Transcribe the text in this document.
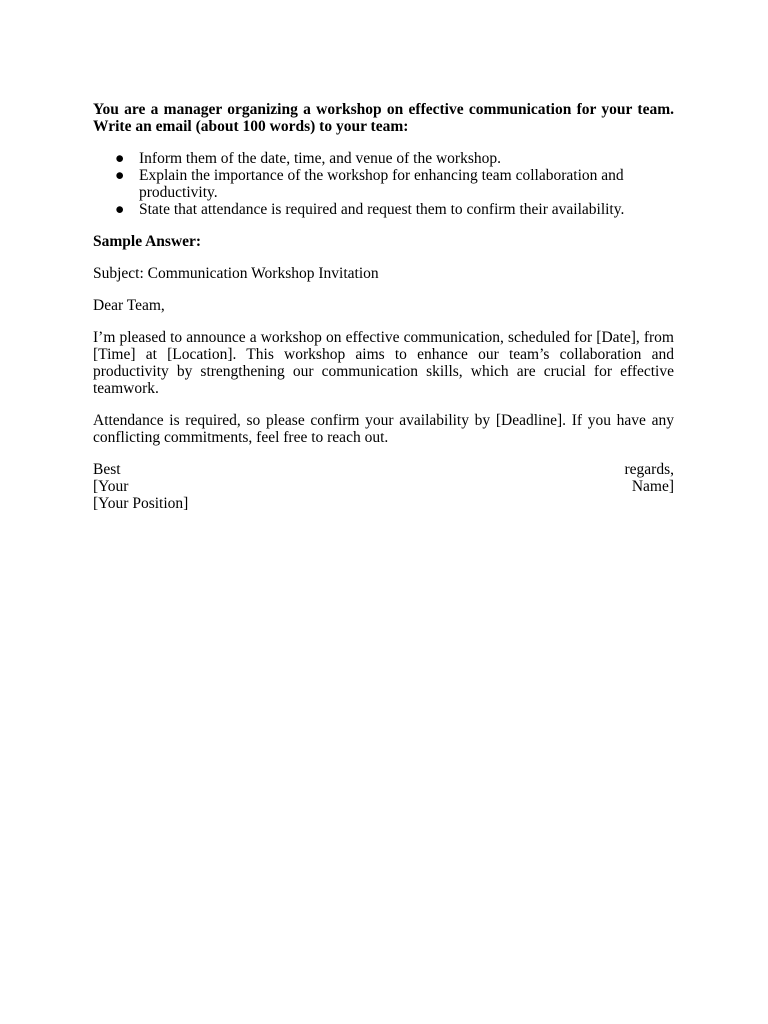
You are a manager organizing a workshop on effective communication for your team. Write an email (about 100 words) to your team:

● Inform them of the date, time, and venue of the workshop.
● Explain the importance of the workshop for enhancing team collaboration and productivity.
● State that attendance is required and request them to confirm their availability.

Sample Answer:

Subject: Communication Workshop Invitation

Dear Team,

I’m pleased to announce a workshop on effective communication, scheduled for [Date], from [Time] at [Location]. This workshop aims to enhance our team’s collaboration and productivity by strengthening our communication skills, which are crucial for effective teamwork.

Attendance is required, so please confirm your availability by [Deadline]. If you have any conflicting commitments, feel free to reach out.

Best	regards,
[Your	Name]
[Your Position]
